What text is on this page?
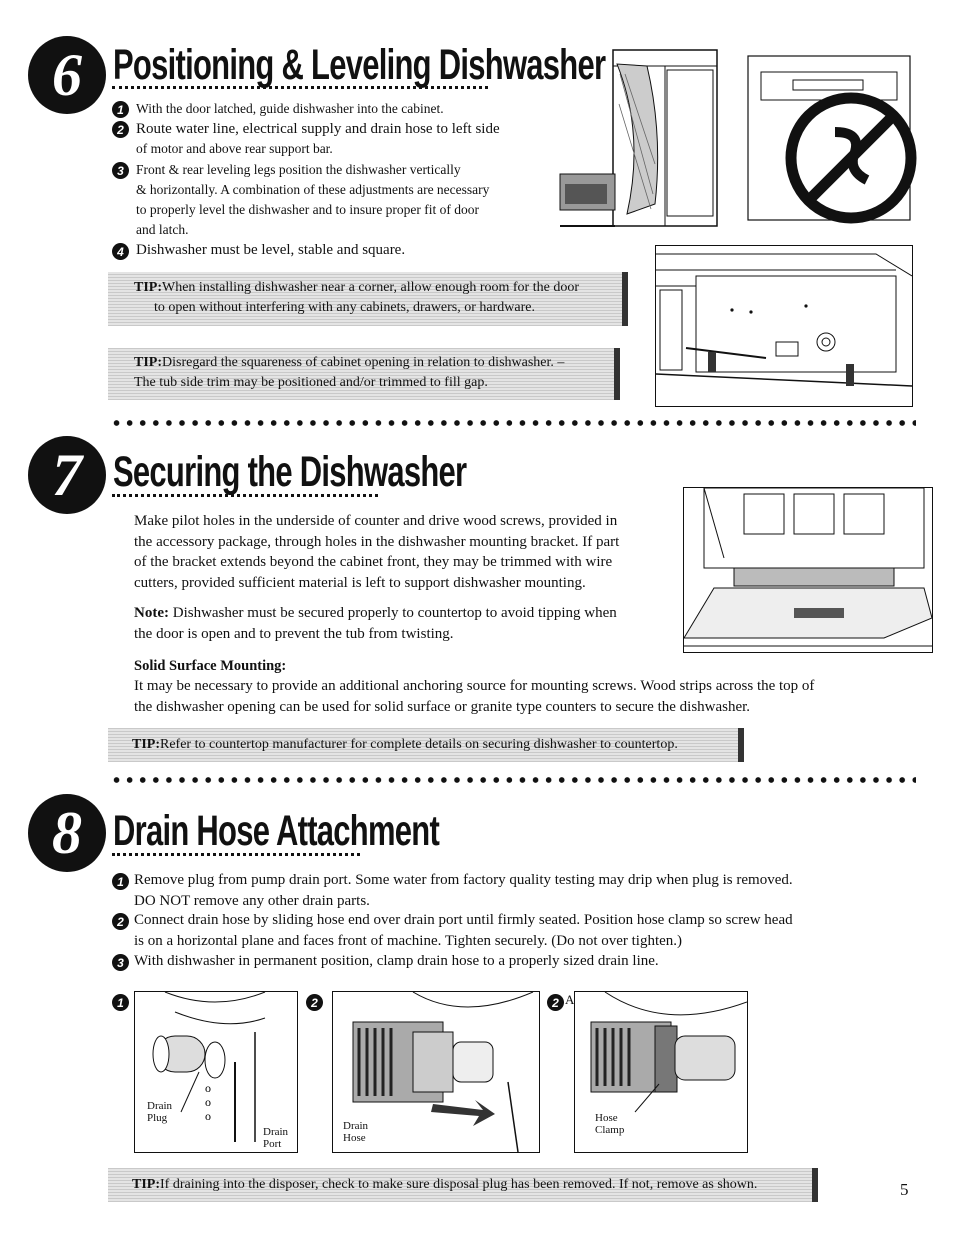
6 Positioning & Leveling Dishwasher
1 With the door latched, guide dishwasher into the cabinet.
2 Route water line, electrical supply and drain hose to left side
of motor and above rear support bar.
3 Front & rear leveling legs position the dishwasher vertically
& horizontally. A combination of these adjustments are necessary
to properly level the dishwasher and to insure proper fit of door
and latch.
4 Dishwasher must be level, stable and square.
TIP:When installing dishwasher near a corner, allow enough room for the door
to open without interfering with any cabinets, drawers, or hardware.
TIP:Disregard the squareness of cabinet opening in relation to dishwasher. –
The tub side trim may be positioned and/or trimmed to fill gap.
7 Securing the Dishwasher
Make pilot holes in the underside of counter and drive wood screws, provided in
the accessory package, through holes in the dishwasher mounting bracket. If part
of the bracket extends beyond the cabinet front, they may be trimmed with wire
cutters, provided sufficient material is left to support dishwasher mounting.
Note: Dishwasher must be secured properly to countertop to avoid tipping when
the door is open and to prevent the tub from twisting.
Solid Surface Mounting:
It may be necessary to provide an additional anchoring source for mounting screws. Wood strips across the top of
the dishwasher opening can be used for solid surface or granite type counters to secure the dishwasher.
TIP:Refer to countertop manufacturer for complete details on securing dishwasher to countertop.
8 Drain Hose Attachment
1 Remove plug from pump drain port. Some water from factory quality testing may drip when plug is removed.
DO NOT remove any other drain parts.
2 Connect drain hose by sliding hose end over drain port until firmly seated. Position hose clamp so screw head
is on a horizontal plane and faces front of machine. Tighten securely. (Do not over tighten.)
3 With dishwasher in permanent position, clamp drain hose to a properly sized drain line.
1
o
o
o
Drain
Plug
Drain
Port
2
Drain
Hose
2 A
Hose
Clamp
TIP:If draining into the disposer, check to make sure disposal plug has been removed. If not, remove as shown.	5
